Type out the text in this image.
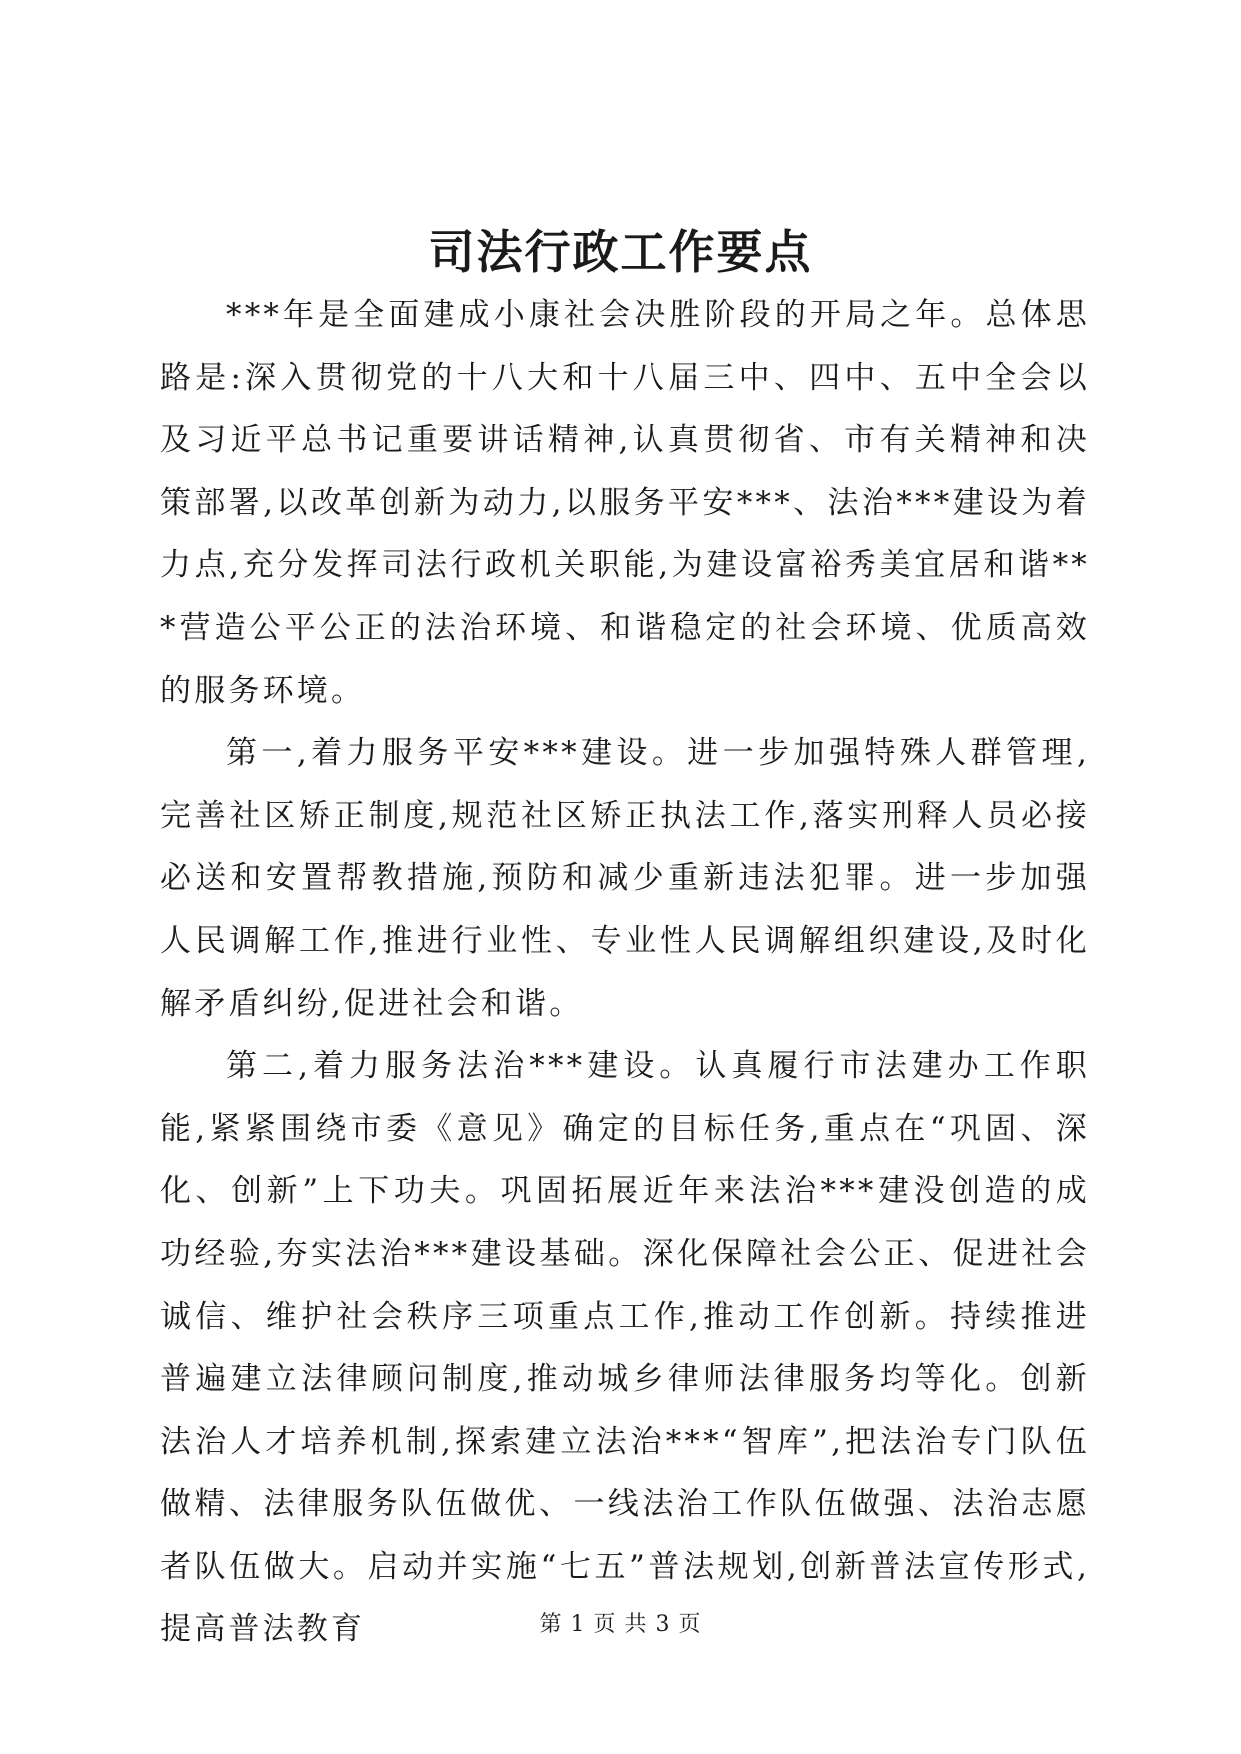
司法行政工作要点

***年是全面建成小康社会决胜阶段的开局之年。总体思路是:深入贯彻党的十八大和十八届三中、四中、五中全会以及习近平总书记重要讲话精神,认真贯彻省、市有关精神和决策部署,以改革创新为动力,以服务平安***、法治***建设为着力点,充分发挥司法行政机关职能,为建设富裕秀美宜居和谐***营造公平公正的法治环境、和谐稳定的社会环境、优质高效的服务环境。

第一,着力服务平安***建设。进一步加强特殊人群管理,完善社区矫正制度,规范社区矫正执法工作,落实刑释人员必接必送和安置帮教措施,预防和减少重新违法犯罪。进一步加强人民调解工作,推进行业性、专业性人民调解组织建设,及时化解矛盾纠纷,促进社会和谐。

第二,着力服务法治***建设。认真履行市法建办工作职能,紧紧围绕市委《意见》确定的目标任务,重点在“巩固、深化、创新”上下功夫。巩固拓展近年来法治***建没创造的成功经验,夯实法治***建设基础。深化保障社会公正、促进社会诚信、维护社会秩序三项重点工作,推动工作创新。持续推进普遍建立法律顾问制度,推动城乡律师法律服务均等化。创新法治人才培养机制,探索建立法治***“智库”,把法治专门队伍做精、法律服务队伍做优、一线法治工作队伍做强、法治志愿者队伍做大。启动并实施“七五”普法规划,创新普法宣传形式,提高普法教育	第 1 页 共 3 页
